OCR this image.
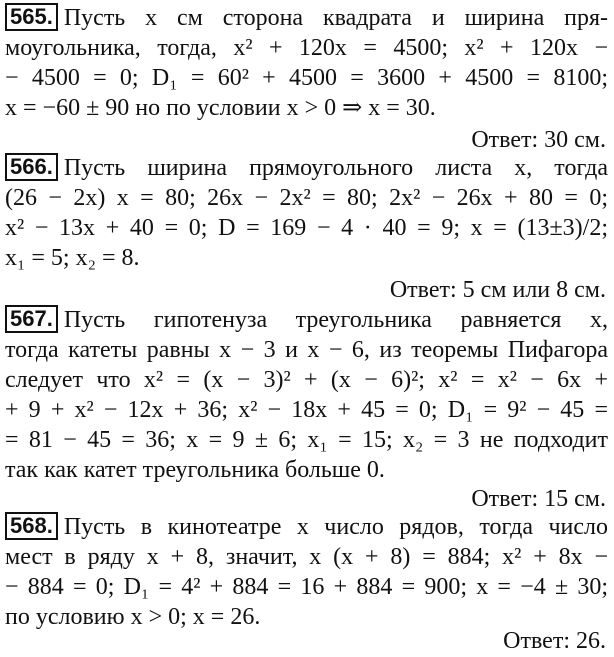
565. Пусть x см сторона квадрата и ширина пря-
моугольника, тогда, x² + 120x = 4500; x² + 120x −
− 4500 = 0; D₁ = 60² + 4500 = 3600 + 4500 = 8100;
x = −60 ± 90 но по условии x > 0 ⇒ x = 30.
Ответ: 30 см.
566. Пусть ширина прямоугольного листа x, тогда
(26 − 2x) x = 80; 26x − 2x² = 80; 2x² − 26x + 80 = 0;
x² − 13x + 40 = 0; D = 169 − 4 · 40 = 9; x = (13±3)/2;
x₁ = 5; x₂ = 8.
Ответ: 5 см или 8 см.
567. Пусть гипотенуза треугольника равняется x,
тогда катеты равны x − 3 и x − 6, из теоремы Пифагора
следует что x² = (x − 3)² + (x − 6)²; x² = x² − 6x +
+ 9 + x² − 12x + 36; x² − 18x + 45 = 0; D₁ = 9² − 45 =
= 81 − 45 = 36; x = 9 ± 6; x₁ = 15; x₂ = 3 не подходит
так как катет треугольника больше 0.
Ответ: 15 см.
568. Пусть в кинотеатре x число рядов, тогда число
мест в ряду x + 8, значит, x (x + 8) = 884; x² + 8x −
− 884 = 0; D₁ = 4² + 884 = 16 + 884 = 900; x = −4 ± 30;
по условию x > 0; x = 26.
Ответ: 26.
